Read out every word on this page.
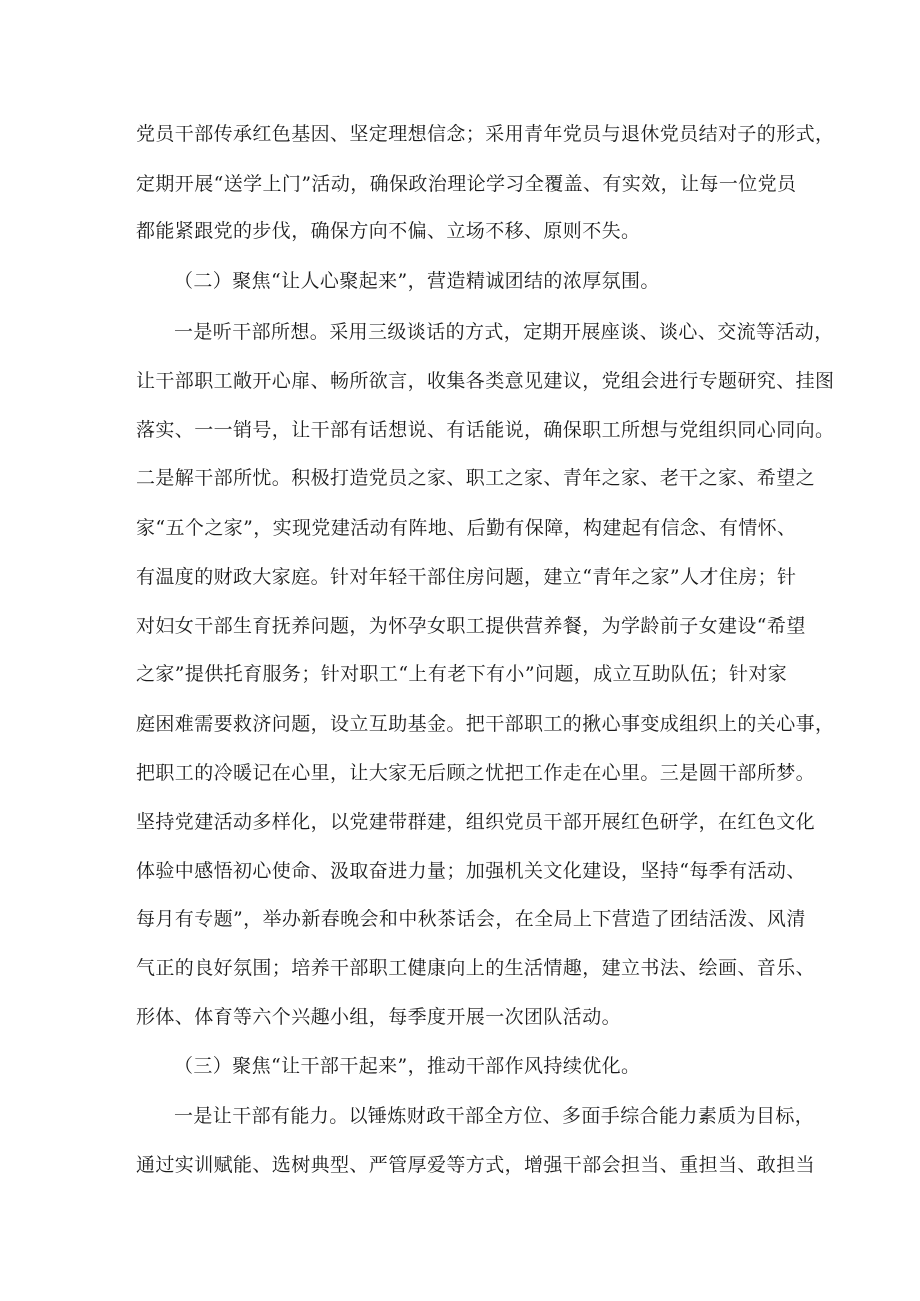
党员干部传承红色基因、坚定理想信念；采用青年党员与退休党员结对子的形式，
定期开展“送学上门”活动，确保政治理论学习全覆盖、有实效，让每一位党员
都能紧跟党的步伐，确保方向不偏、立场不移、原则不失。
（二）聚焦“让人心聚起来”，营造精诚团结的浓厚氛围。
一是听干部所想。采用三级谈话的方式，定期开展座谈、谈心、交流等活动，
让干部职工敞开心扉、畅所欲言，收集各类意见建议，党组会进行专题研究、挂图
落实、一一销号，让干部有话想说、有话能说，确保职工所想与党组织同心同向。
二是解干部所忧。积极打造党员之家、职工之家、青年之家、老干之家、希望之
家“五个之家”，实现党建活动有阵地、后勤有保障，构建起有信念、有情怀、
有温度的财政大家庭。针对年轻干部住房问题，建立“青年之家”人才住房；针
对妇女干部生育抚养问题，为怀孕女职工提供营养餐，为学龄前子女建设“希望
之家”提供托育服务；针对职工“上有老下有小”问题，成立互助队伍；针对家
庭困难需要救济问题，设立互助基金。把干部职工的揪心事变成组织上的关心事，
把职工的冷暖记在心里，让大家无后顾之忧把工作走在心里。三是圆干部所梦。
坚持党建活动多样化，以党建带群建，组织党员干部开展红色研学，在红色文化
体验中感悟初心使命、汲取奋进力量；加强机关文化建设，坚持“每季有活动、
每月有专题”，举办新春晚会和中秋茶话会，在全局上下营造了团结活泼、风清
气正的良好氛围；培养干部职工健康向上的生活情趣，建立书法、绘画、音乐、
形体、体育等六个兴趣小组，每季度开展一次团队活动。
（三）聚焦“让干部干起来”，推动干部作风持续优化。
一是让干部有能力。以锤炼财政干部全方位、多面手综合能力素质为目标，
通过实训赋能、选树典型、严管厚爱等方式，增强干部会担当、重担当、敢担当
